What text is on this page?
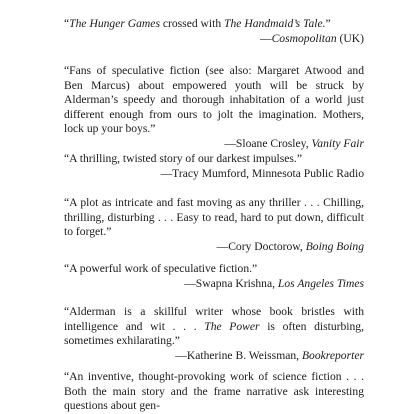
“The Hunger Games crossed with The Handmaid’s Tale.”
—Cosmopolitan (UK)
“Fans of speculative fiction (see also: Margaret Atwood and Ben Marcus) about empowered youth will be struck by Alderman’s speedy and thorough inhabitation of a world just different enough from ours to jolt the imagination. Mothers, lock up your boys.”
—Sloane Crosley, Vanity Fair
“A thrilling, twisted story of our darkest impulses.”
—Tracy Mumford, Minnesota Public Radio
“A plot as intricate and fast moving as any thriller . . . Chilling, thrilling, disturbing . . . Easy to read, hard to put down, difficult to forget.”
—Cory Doctorow, Boing Boing
“A powerful work of speculative fiction.”
—Swapna Krishna, Los Angeles Times
“Alderman is a skillful writer whose book bristles with intelligence and wit . . . The Power is often disturbing, sometimes exhilarating.”
—Katherine B. Weissman, Bookreporter
“An inventive, thought-provoking work of science fiction . . . Both the main story and the frame narrative ask interesting questions about gen-
